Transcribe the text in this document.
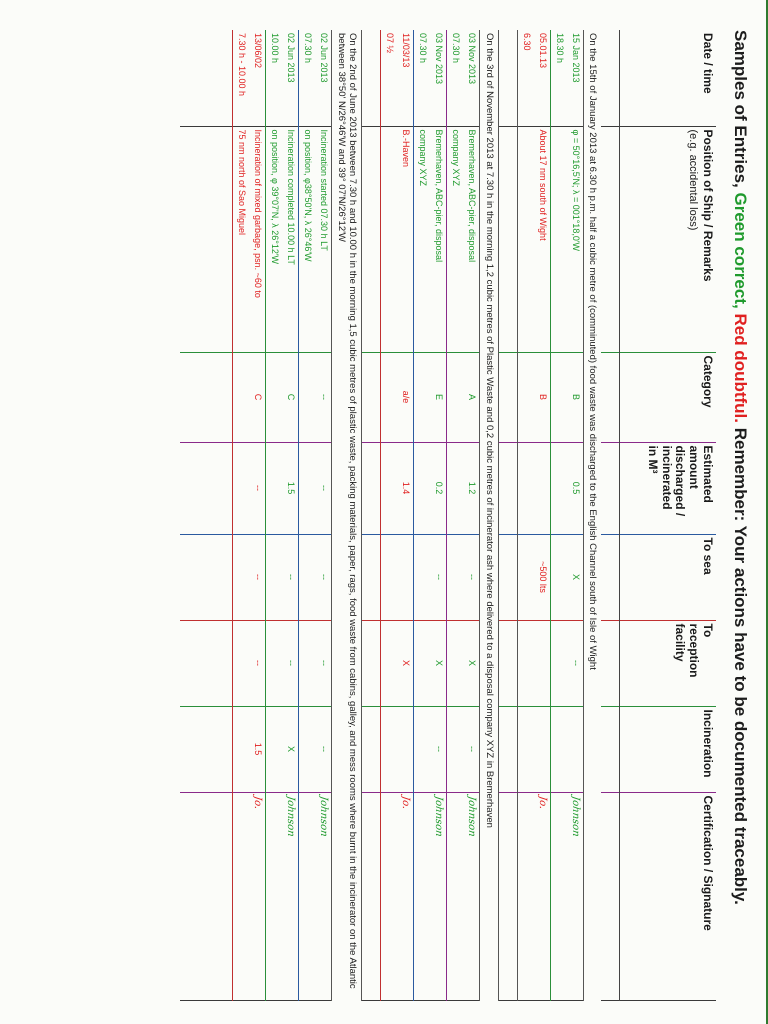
Samples of Entries, Green correct, Red doubtful. Remember: Your actions have to be documented traceably.
Date / time	Position of Ship / Remarks
(e.g. accidental loss)	Category	Estimated
amount
discharged /
incinerated
in M³	To sea	To
reception
facility	Incineration	Certification / Signature

On the 15th of January 2013 at 6.30 h p.m. half a cubic metre of (comminuted) food waste was discharged to the English Channel south of Isle of Wight							
15 Jan 2013	φ = 50°16,5'N; λ = 001°18,0'W	B	0.5	X	--		Johnson
18.30 h							
05.01.13	About 17 nm south of Wight	B		~500 lts			Jo.
6.30							

On the 3rd of November 2013 at 7.30 h in the morning 1,2 cubic metres of Plastic Waste and 0,2 cubic metres of incinerator ash where delivered to a disposal company XYZ in Bremerhaven							
03 Nov 2013	Bremerhaven, ABC-pier, disposal	A	1.2	--	X	--	Johnson
07.30 h	company XYZ						
03 Nov 2013	Bremerhaven, ABC-pier, disposal	E	0.2	--	X	--	Johnson
07.30 h	company XYZ						
11/03/13	B.-Haven	a/e	1.4		X		Jo.
07 ½							

On the 2nd of June 2013 between 7.30 h and 10.00 h in the morning 1,5 cubic metres of plastic waste, packing materials, paper, rags, food waste from cabins, galley, and mess rooms where burnt in the incinerator on the Atlantic between 38°50' N/26°46'W and 39° 07'N/26°12'W							
02 Jun 2013	Incineration started 07.30 h LT	--	--	--	--	--	Johnson
07.30 h	on position, φ38°50'N, λ 26°46'W						
02 Jun 2013	Incineration completed 10.00 h LT	C	1.5	--	--	X	Johnson
10.00 h	on position, φ 39°07'N, λ 26°12'W						
13/06/02	Incineration of mixed garbage, psn. ~60 to	C	--	--	--	1.5	Jo.
7.30 h - 10.00 h	75 nm north of Sao Miguel						
